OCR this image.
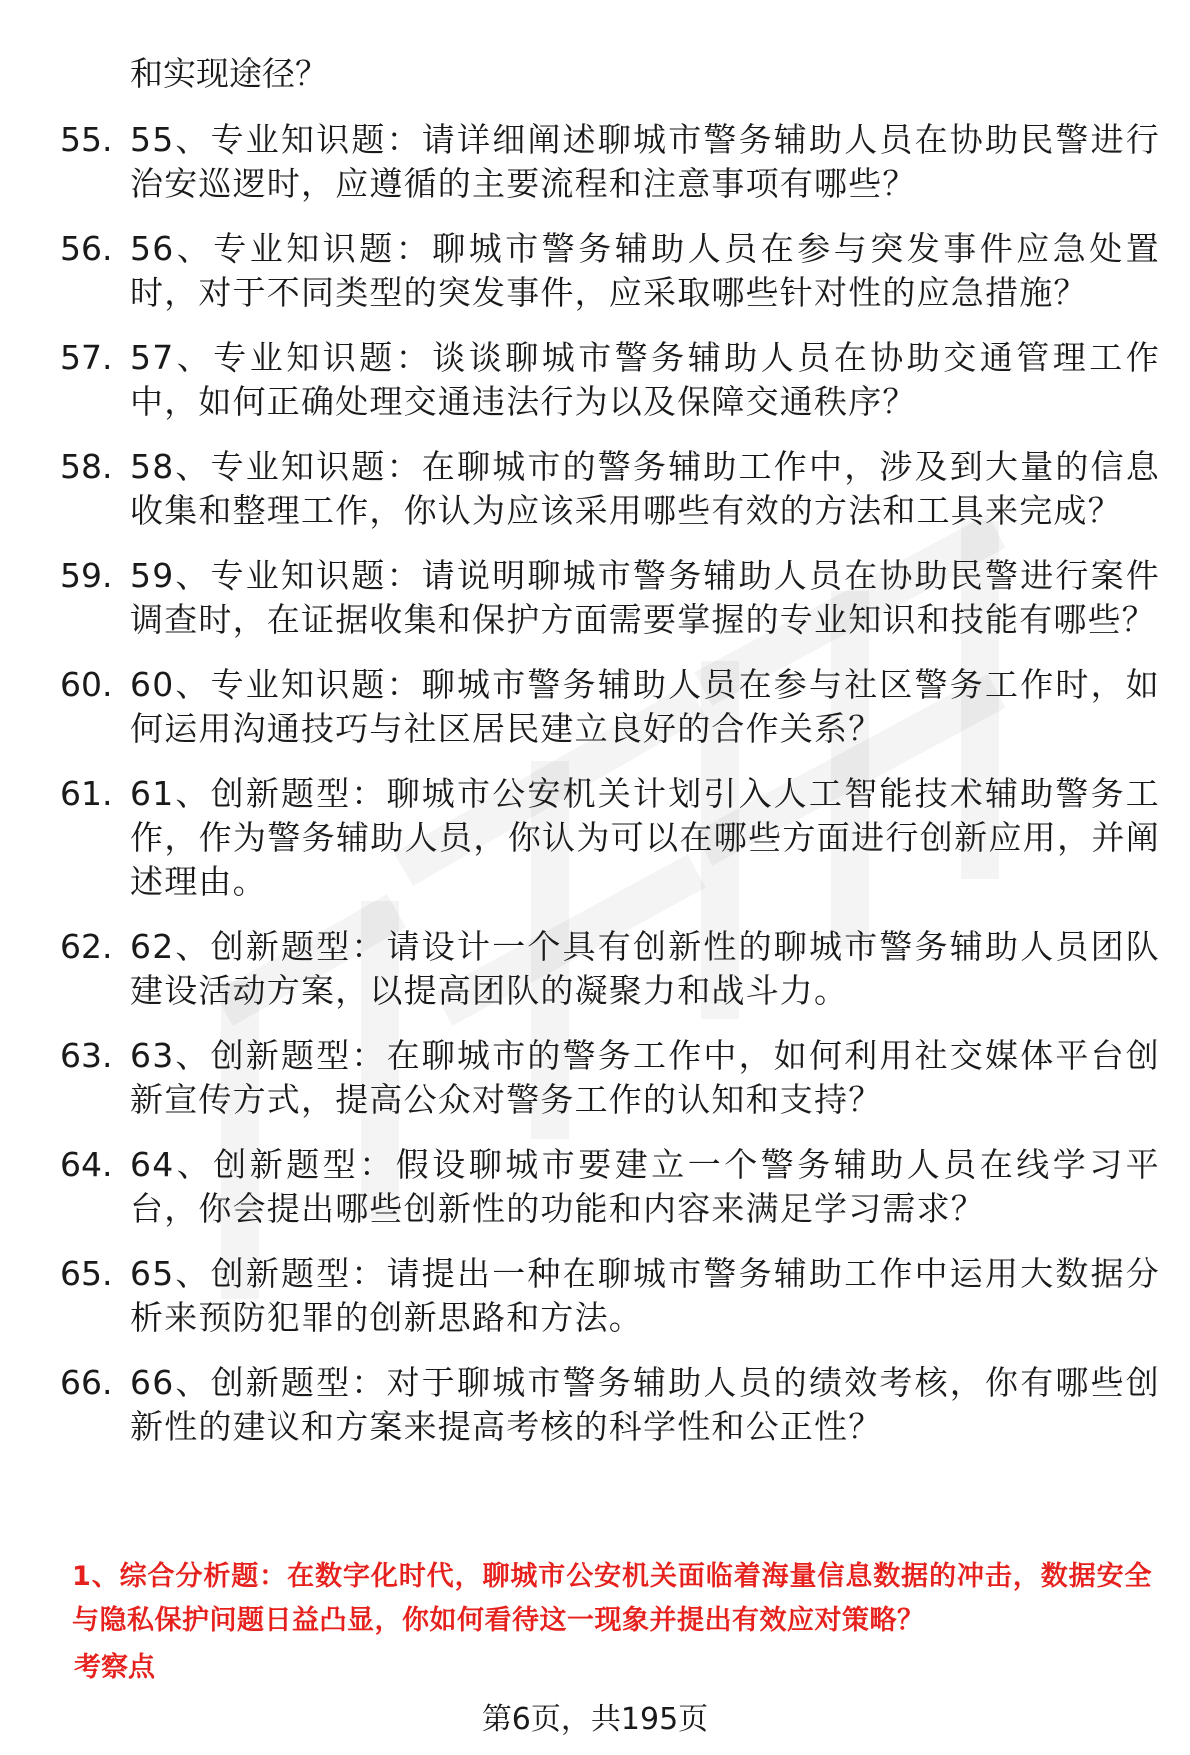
和实现途径？
55. 55、专业知识题：请详细阐述聊城市警务辅助人员在协助民警进行治安巡逻时，应遵循的主要流程和注意事项有哪些？
56. 56、专业知识题：聊城市警务辅助人员在参与突发事件应急处置时，对于不同类型的突发事件，应采取哪些针对性的应急措施？
57. 57、专业知识题：谈谈聊城市警务辅助人员在协助交通管理工作中，如何正确处理交通违法行为以及保障交通秩序？
58. 58、专业知识题：在聊城市的警务辅助工作中，涉及到大量的信息收集和整理工作，你认为应该采用哪些有效的方法和工具来完成？
59. 59、专业知识题：请说明聊城市警务辅助人员在协助民警进行案件调查时，在证据收集和保护方面需要掌握的专业知识和技能有哪些？
60. 60、专业知识题：聊城市警务辅助人员在参与社区警务工作时，如何运用沟通技巧与社区居民建立良好的合作关系？
61. 61、创新题型：聊城市公安机关计划引入人工智能技术辅助警务工作，作为警务辅助人员，你认为可以在哪些方面进行创新应用，并阐述理由。
62. 62、创新题型：请设计一个具有创新性的聊城市警务辅助人员团队建设活动方案，以提高团队的凝聚力和战斗力。
63. 63、创新题型：在聊城市的警务工作中，如何利用社交媒体平台创新宣传方式，提高公众对警务工作的认知和支持？
64. 64、创新题型：假设聊城市要建立一个警务辅助人员在线学习平台，你会提出哪些创新性的功能和内容来满足学习需求？
65. 65、创新题型：请提出一种在聊城市警务辅助工作中运用大数据分析来预防犯罪的创新思路和方法。
66. 66、创新题型：对于聊城市警务辅助人员的绩效考核，你有哪些创新性的建议和方案来提高考核的科学性和公正性？
1、综合分析题：在数字化时代，聊城市公安机关面临着海量信息数据的冲击，数据安全与隐私保护问题日益凸显，你如何看待这一现象并提出有效应对策略？
考察点
第6页，共195页
